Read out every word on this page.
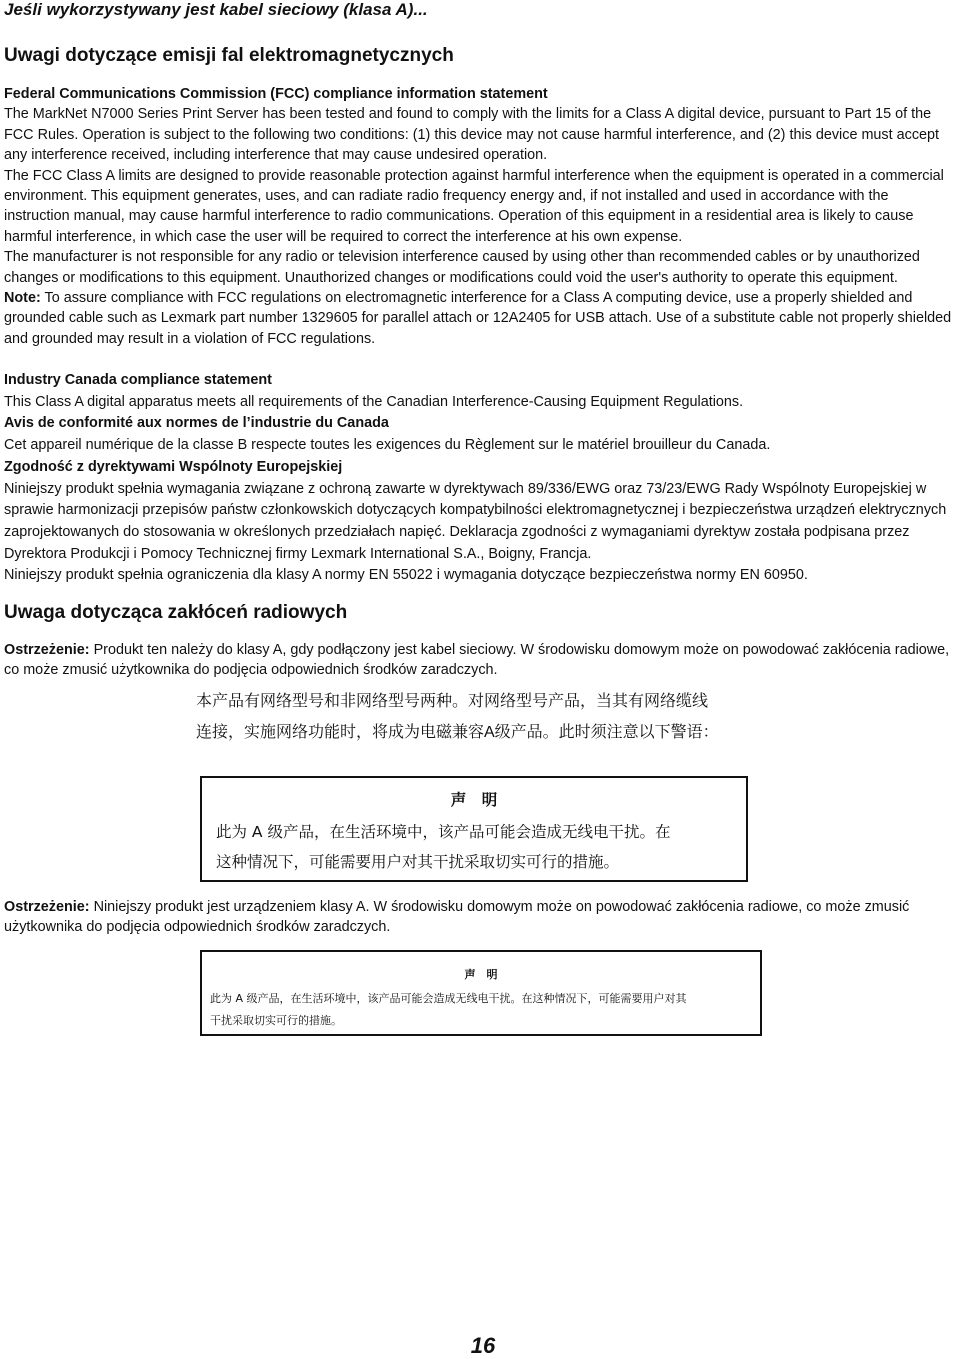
Jeśli wykorzystywany jest kabel sieciowy (klasa A)...
Uwagi dotyczące emisji fal elektromagnetycznych

Federal Communications Commission (FCC) compliance information statement

The MarkNet N7000 Series Print Server has been tested and found to comply with the limits for a Class A digital device, pursuant to Part 15 of the FCC Rules. Operation is subject to the following two conditions: (1) this device may not cause harmful interference, and (2) this device must accept any interference received, including interference that may cause undesired operation.

The FCC Class A limits are designed to provide reasonable protection against harmful interference when the equipment is operated in a commercial environment. This equipment generates, uses, and can radiate radio frequency energy and, if not installed and used in accordance with the instruction manual, may cause harmful interference to radio communications. Operation of this equipment in a residential area is likely to cause harmful interference, in which case the user will be required to correct the interference at his own expense.

The manufacturer is not responsible for any radio or television interference caused by using other than recommended cables or by unauthorized changes or modifications to this equipment. Unauthorized changes or modifications could void the user's authority to operate this equipment.

Note: To assure compliance with FCC regulations on electromagnetic interference for a Class A computing device, use a properly shielded and grounded cable such as Lexmark part number 1329605 for parallel attach or 12A2405 for USB attach. Use of a substitute cable not properly shielded and grounded may result in a violation of FCC regulations.

Industry Canada compliance statement

This Class A digital apparatus meets all requirements of the Canadian Interference-Causing Equipment Regulations.

Avis de conformité aux normes de l’industrie du Canada

Cet appareil numérique de la classe B respecte toutes les exigences du Règlement sur le matériel brouilleur du Canada.

Zgodność z dyrektywami Wspólnoty Europejskiej

Niniejszy produkt spełnia wymagania związane z ochroną zawarte w dyrektywach 89/336/EWG oraz 73/23/EWG Rady Wspólnoty Europejskiej w sprawie harmonizacji przepisów państw członkowskich dotyczących kompatybilności elektromagnetycznej i bezpieczeństwa urządzeń elektrycznych zaprojektowanych do stosowania w określonych przedziałach napięć. Deklaracja zgodności z wymaganiami dyrektyw została podpisana przez Dyrektora Produkcji i Pomocy Technicznej firmy Lexmark International S.A., Boigny, Francja.

Niniejszy produkt spełnia ograniczenia dla klasy A normy EN 55022 i wymagania dotyczące bezpieczeństwa normy EN 60950.

Uwaga dotycząca zakłóceń radiowych

Ostrzeżenie: Produkt ten należy do klasy A, gdy podłączony jest kabel sieciowy. W środowisku domowym może on powodować zakłócenia radiowe, co może zmusić użytkownika do podjęcia odpowiednich środków zaradczych.

本产品有网络型号和非网络型号两种。对网络型号产品，当其有网络缆线

连接，实施网络功能时，将成为电磁兼容A级产品。此时须注意以下警语：

声　明

此为 A 级产品，在生活环境中，该产品可能会造成无线电干扰。在

这种情况下，可能需要用户对其干扰采取切实可行的措施。

Ostrzeżenie: Niniejszy produkt jest urządzeniem klasy A. W środowisku domowym może on powodować zakłócenia radiowe, co może zmusić użytkownika do podjęcia odpowiednich środków zaradczych.

声　明

此为 A 级产品，在生活环境中，该产品可能会造成无线电干扰。在这种情况下，可能需要用户对其

干扰采取切实可行的措施。

16
